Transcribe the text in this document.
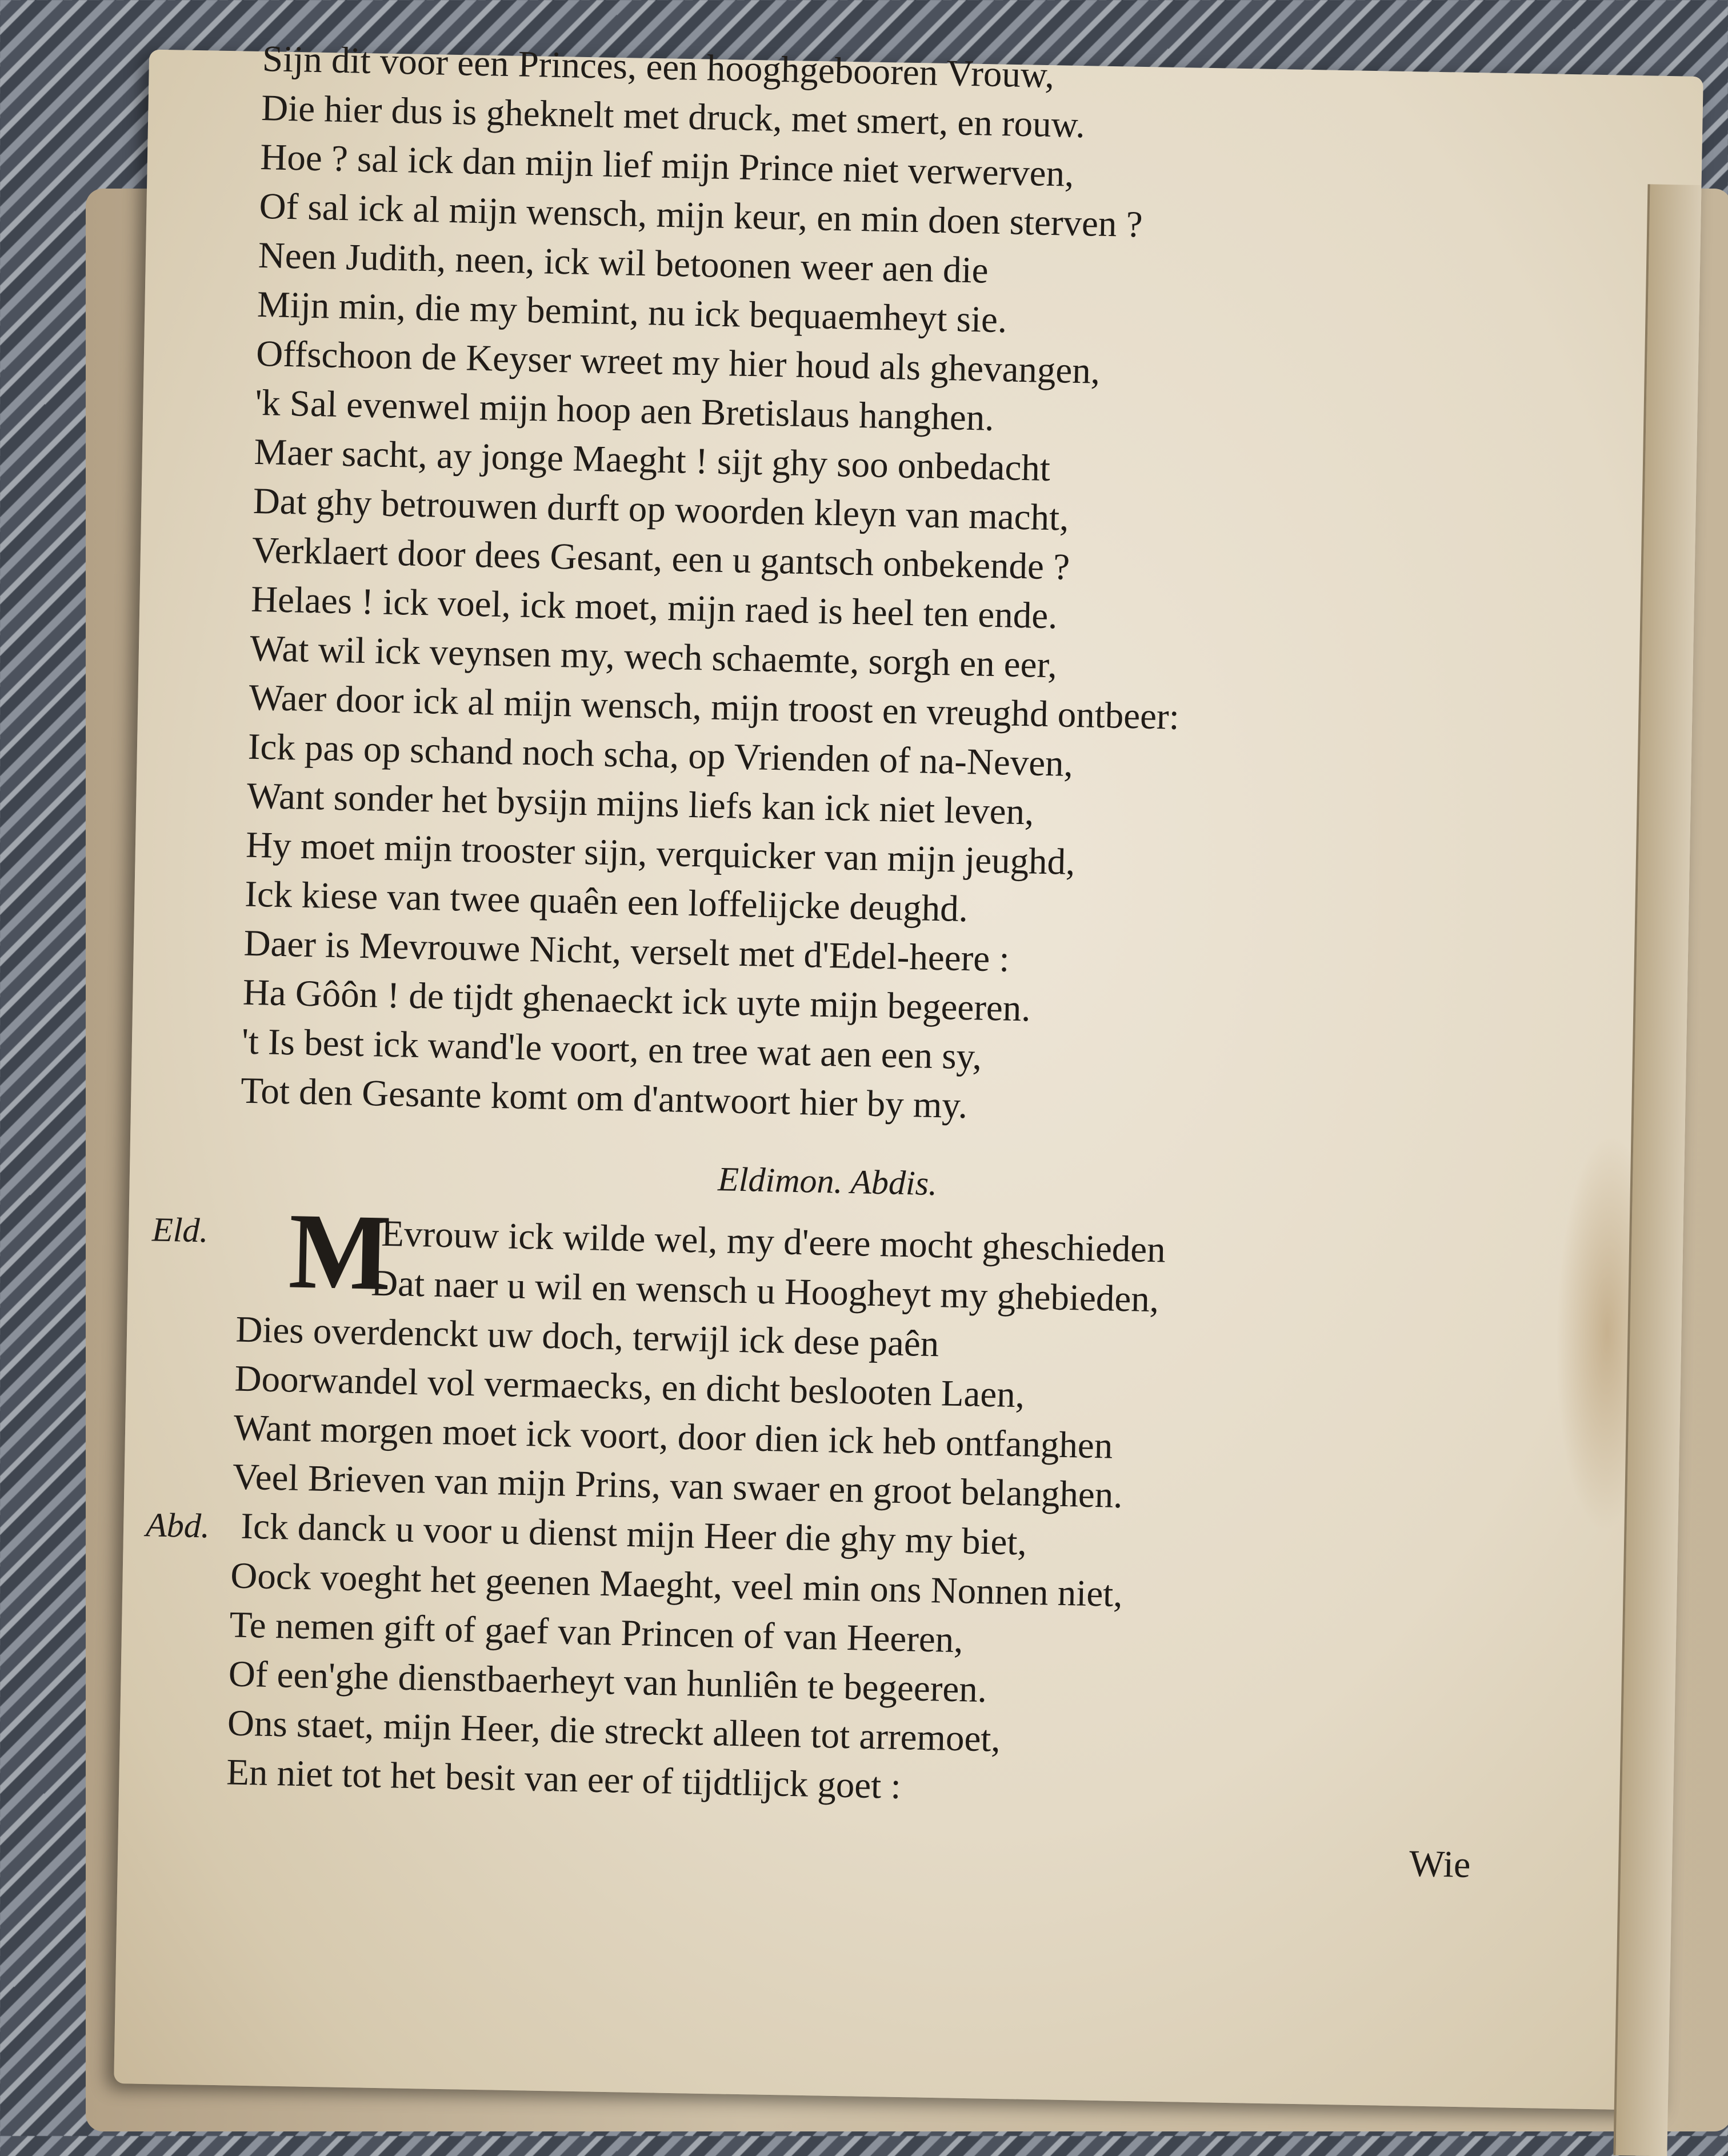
Sijn dit voor een Princes, een hooghgebooren Vrouw,
Die hier dus is gheknelt met druck, met smert, en rouw.
Hoe ? sal ick dan mijn lief mijn Prince niet verwerven,
Of sal ick al mijn wensch, mijn keur, en min doen sterven ?
Neen Judith, neen, ick wil betoonen weer aen die
Mijn min, die my bemint, nu ick bequaemheyt sie.
Offschoon de Keyser wreet my hier houd als ghevangen,
'k Sal evenwel mijn hoop aen Bretislaus hanghen.
Maer sacht, ay jonge Maeght ! sijt ghy soo onbedacht
Dat ghy betrouwen durft op woorden kleyn van macht,
Verklaert door dees Gesant, een u gantsch onbekende ?
Helaes ! ick voel, ick moet, mijn raed is heel ten ende.
Wat wil ick veynsen my, wech schaemte, sorgh en eer,
Waer door ick al mijn wensch, mijn troost en vreughd ontbeer:
Ick pas op schand noch scha, op Vrienden of na-Neven,
Want sonder het bysijn mijns liefs kan ick niet leven,
Hy moet mijn trooster sijn, verquicker van mijn jeughd,
Ick kiese van twee quaên een loffelijcke deughd.
Daer is Mevrouwe Nicht, verselt met d'Edel-heere :
Ha Gôôn ! de tijdt ghenaeckt ick uyte mijn begeeren.
't Is best ick wand'le voort, en tree wat aen een sy,
Tot den Gesante komt om d'antwoort hier by my.
Eldimon. Abdis.
Eld. M
Evrouw ick wilde wel, my d'eere mocht gheschieden
Dat naer u wil en wensch u Hoogheyt my ghebieden,
Dies overdenckt uw doch, terwijl ick dese paên
Doorwandel vol vermaecks, en dicht beslooten Laen,
Want morgen moet ick voort, door dien ick heb ontfanghen
Veel Brieven van mijn Prins, van swaer en groot belanghen.
Abd. Ick danck u voor u dienst mijn Heer die ghy my biet,
Oock voeght het geenen Maeght, veel min ons Nonnen niet,
Te nemen gift of gaef van Princen of van Heeren,
Of een'ghe dienstbaerheyt van hunliên te begeeren.
Ons staet, mijn Heer, die streckt alleen tot arremoet,
En niet tot het besit van eer of tijdtlijck goet :
Wie
